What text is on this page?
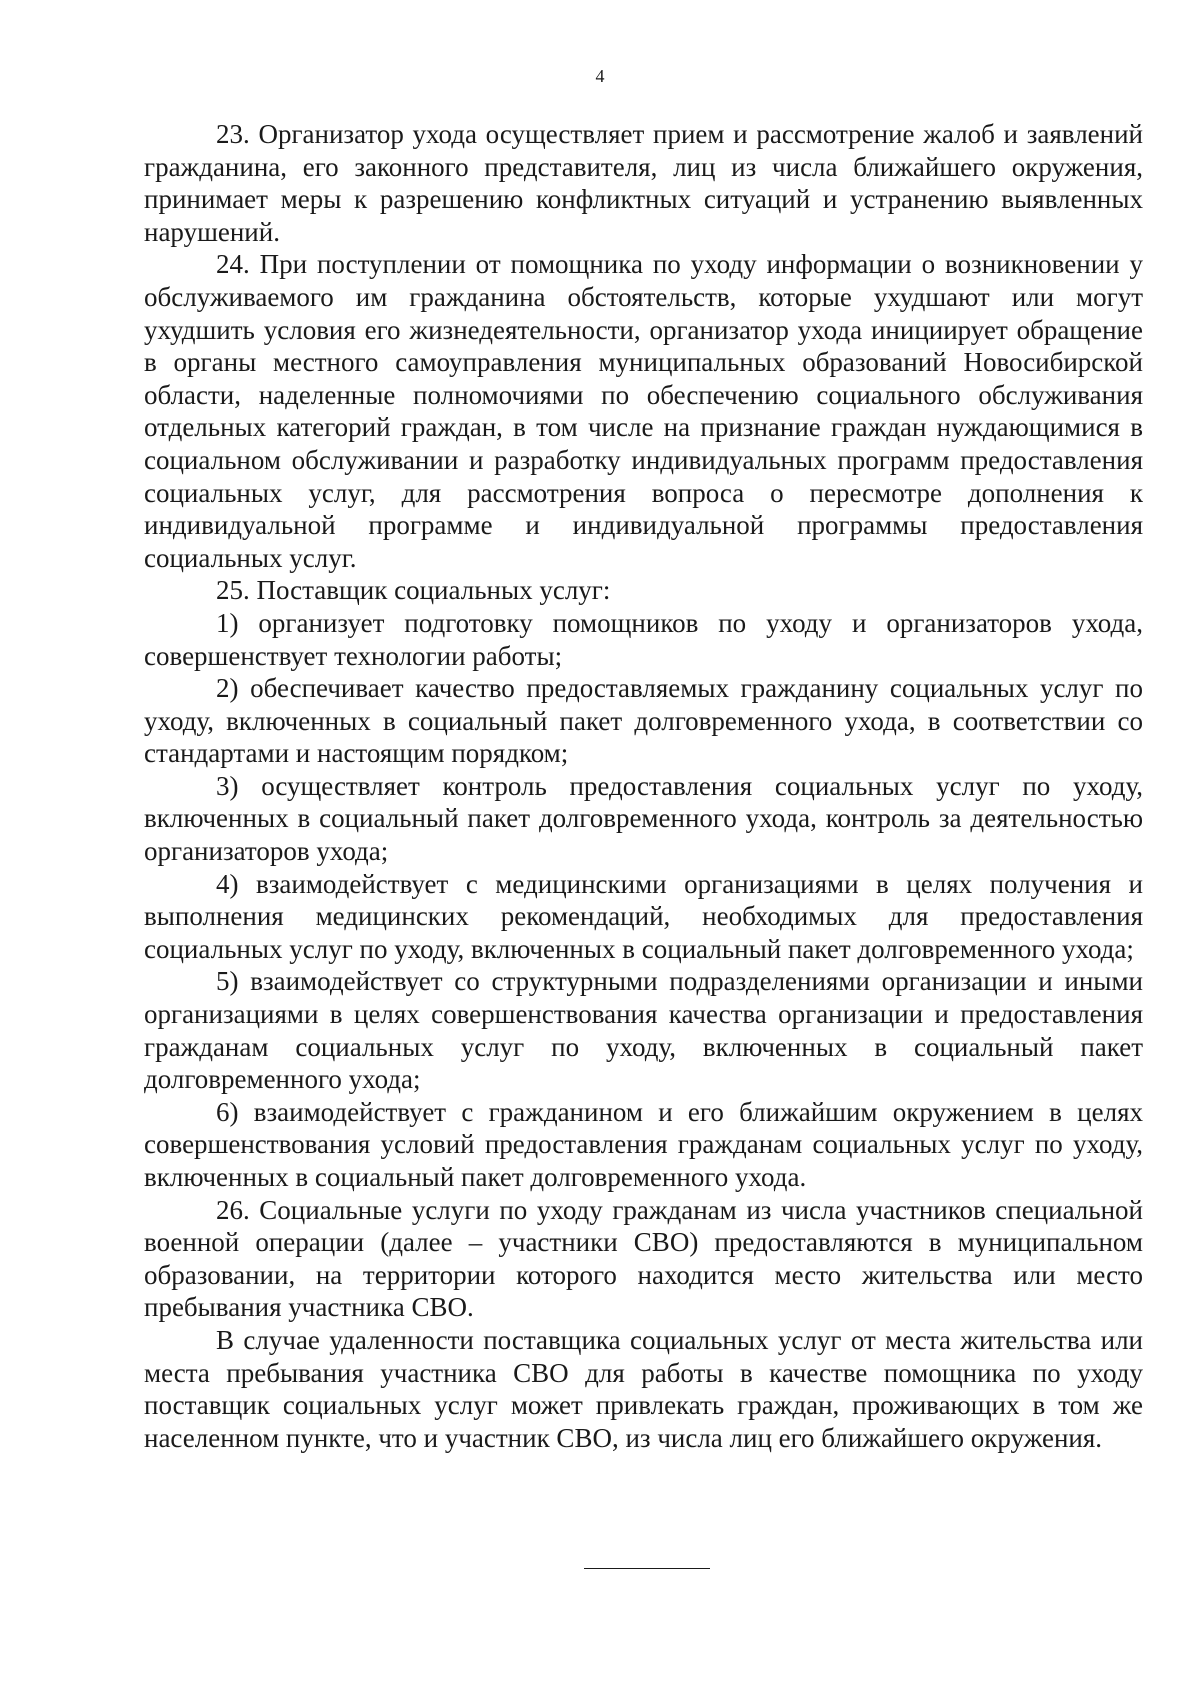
4

23. Организатор ухода осуществляет прием и рассмотрение жалоб и заявлений гражданина, его законного представителя, лиц из числа ближайшего окружения, принимает меры к разрешению конфликтных ситуаций и устранению выявленных нарушений.

24. При поступлении от помощника по уходу информации о возникновении у обслуживаемого им гражданина обстоятельств, которые ухудшают или могут ухудшить условия его жизнедеятельности, организатор ухода инициирует обращение в органы местного самоуправления муниципальных образований Новосибирской области, наделенные полномочиями по обеспечению социального обслуживания отдельных категорий граждан, в том числе на признание граждан нуждающимися в социальном обслуживании и разработку индивидуальных программ предоставления социальных услуг, для рассмотрения вопроса о пересмотре дополнения к индивидуальной программе и индивидуальной программы предоставления социальных услуг.

25. Поставщик социальных услуг:

1) организует подготовку помощников по уходу и организаторов ухода, совершенствует технологии работы;

2) обеспечивает качество предоставляемых гражданину социальных услуг по уходу, включенных в социальный пакет долговременного ухода, в соответствии со стандартами и настоящим порядком;

3) осуществляет контроль предоставления социальных услуг по уходу, включенных в социальный пакет долговременного ухода, контроль за деятельностью организаторов ухода;

4) взаимодействует с медицинскими организациями в целях получения и выполнения медицинских рекомендаций, необходимых для предоставления социальных услуг по уходу, включенных в социальный пакет долговременного ухода;

5) взаимодействует со структурными подразделениями организации и иными организациями в целях совершенствования качества организации и предоставления гражданам социальных услуг по уходу, включенных в социальный пакет долговременного ухода;

6) взаимодействует с гражданином и его ближайшим окружением в целях совершенствования условий предоставления гражданам социальных услуг по уходу, включенных в социальный пакет долговременного ухода.

26. Социальные услуги по уходу гражданам из числа участников специальной военной операции (далее – участники СВО) предоставляются в муниципальном образовании, на территории которого находится место жительства или место пребывания участника СВО.

В случае удаленности поставщика социальных услуг от места жительства или места пребывания участника СВО для работы в качестве помощника по уходу поставщик социальных услуг может привлекать граждан, проживающих в том же населенном пункте, что и участник СВО, из числа лиц его ближайшего окружения.
